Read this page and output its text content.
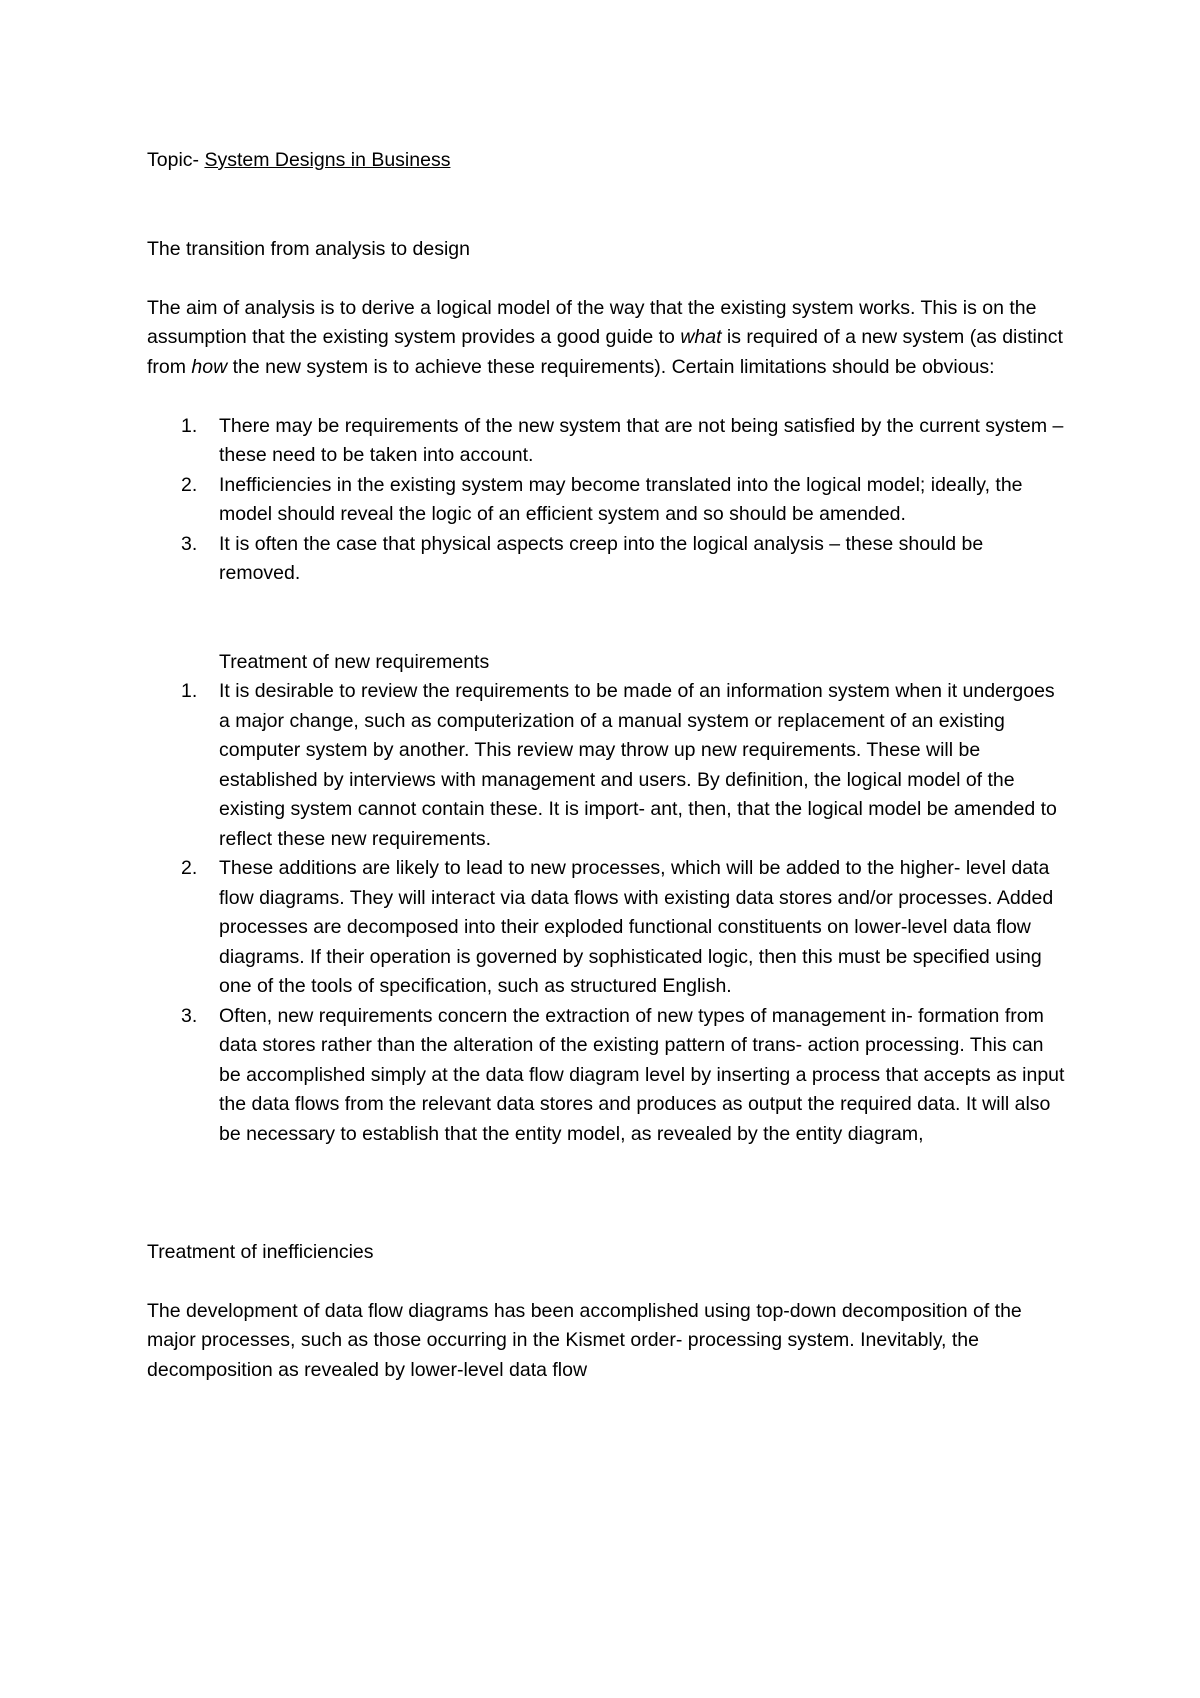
Topic- System Designs in Business

The transition from analysis to design

The aim of analysis is to derive a logical model of the way that the existing system works. This is on the assumption that the existing system provides a good guide to what is required of a new system (as distinct from how the new system is to achieve these requirements). Certain limitations should be obvious:

1. There may be requirements of the new system that are not being satisfied by the current system – these need to be taken into account.
2. Inefficiencies in the existing system may become translated into the logical model; ideally, the model should reveal the logic of an efficient system and so should be amended.
3. It is often the case that physical aspects creep into the logical analysis – these should be removed.

Treatment of new requirements

1. It is desirable to review the requirements to be made of an information system when it undergoes a major change, such as computerization of a manual system or replacement of an existing computer system by another. This review may throw up new requirements. These will be established by interviews with management and users. By definition, the logical model of the existing system cannot contain these. It is import- ant, then, that the logical model be amended to reflect these new requirements.
2. These additions are likely to lead to new processes, which will be added to the higher- level data flow diagrams. They will interact via data flows with existing data stores and/or processes. Added processes are decomposed into their exploded functional constituents on lower-level data flow diagrams. If their operation is governed by sophisticated logic, then this must be specified using one of the tools of specification, such as structured English.
3. Often, new requirements concern the extraction of new types of management in- formation from data stores rather than the alteration of the existing pattern of trans- action processing. This can be accomplished simply at the data flow diagram level by inserting a process that accepts as input the data flows from the relevant data stores and produces as output the required data. It will also be necessary to establish that the entity model, as revealed by the entity diagram,

Treatment of inefficiencies

The development of data flow diagrams has been accomplished using top-down decomposition of the major processes, such as those occurring in the Kismet order- processing system. Inevitably, the decomposition as revealed by lower-level data flow
